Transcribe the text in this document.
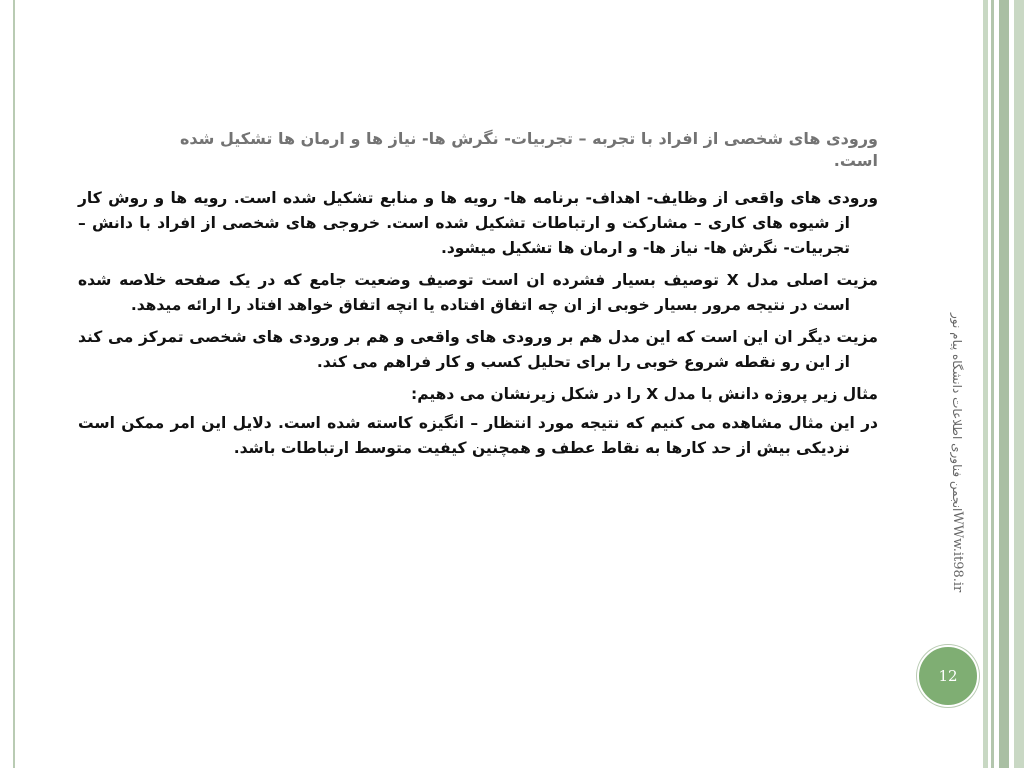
ورودی های شخصی از افراد با تجربه – تجربیات- نگرش ها- نیاز ها و ارمان ها تشکیل شده است.

ورودی های واقعی از وظایف- اهداف- برنامه ها- رویه ها و منابع تشکیل شده است. رویه ها و روش کار از شیوه های کاری – مشارکت و ارتباطات تشکیل شده است. خروجی های شخصی از افراد با دانش – تجربیات- نگرش ها- نیاز ها- و ارمان ها تشکیل میشود.

مزیت اصلی مدل X توصیف بسیار فشرده ان است توصیف وضعیت جامع که در یک صفحه خلاصه شده است در نتیجه مرور بسیار خوبی از ان چه اتفاق افتاده یا انچه اتفاق خواهد افتاد را ارائه میدهد.

مزیت دیگر ان این است که این مدل هم بر ورودی های واقعی و هم بر ورودی های شخصی تمرکز می کند از این رو نقطه شروع خوبی را برای تحلیل کسب و کار فراهم می کند.

مثال زیر پروژه دانش با مدل X را در شکل زیرنشان می دهیم:

در این مثال مشاهده می کنیم که نتیجه مورد انتظار – انگیزه کاسته شده است. دلایل این امر ممکن است نزدیکی بیش از حد کارها به نقاط عطف و همچنین کیفیت متوسط ارتباطات باشد.

WWw.it98.irانجمن فناوری اطلاعات دانشگاه پیام نور
12
